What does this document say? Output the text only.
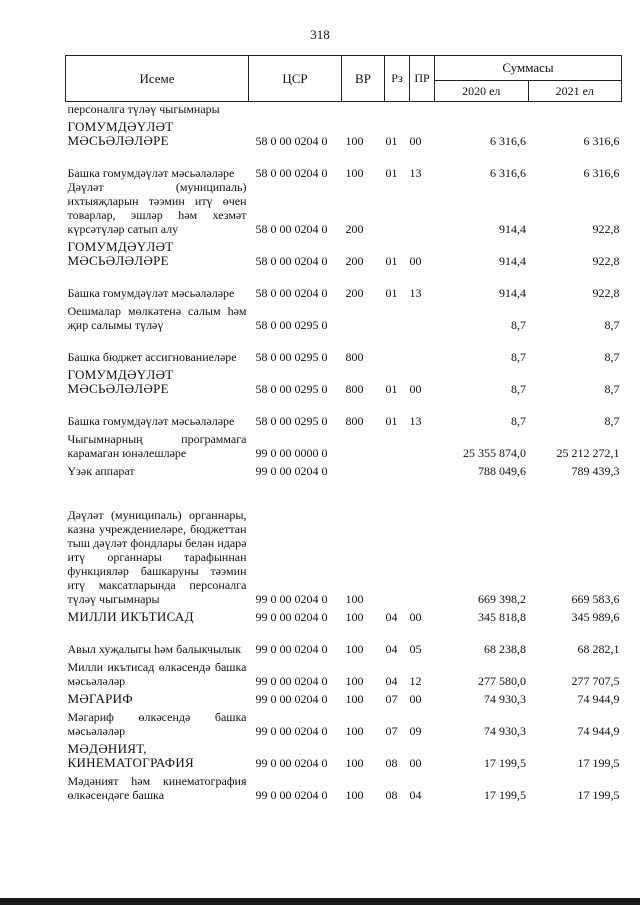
318
Исеме	ЦСР	ВР	Рз	ПР	Суммасы	
					2020 ел	2021 ел
персоналга түләү чыгымнары						
ГОМУМДӘҮЛӘТ МӘСЬӘЛӘЛӘРЕ	58 0 00 0204 0	100	01	00	6 316,6	6 316,6
Башка гомумдәүләт мәсьәләләре	58 0 00 0204 0	100	01	13	6 316,6	6 316,6
Дәүләт (муниципаль) ихтыяҗларын тәэмин итү өчен товарлар, эшләр һәм хезмәт күрсәтүләр сатып алу	58 0 00 0204 0	200			914,4	922,8
ГОМУМДӘҮЛӘТ МӘСЬӘЛӘЛӘРЕ	58 0 00 0204 0	200	01	00	914,4	922,8
Башка гомумдәүләт мәсьәләләре	58 0 00 0204 0	200	01	13	914,4	922,8
Оешмалар мөлкәтенә салым һәм җир салымы түләү	58 0 00 0295 0				8,7	8,7
Башка бюджет ассигнованиеләре	58 0 00 0295 0	800			8,7	8,7
ГОМУМДӘҮЛӘТ МӘСЬӘЛӘЛӘРЕ	58 0 00 0295 0	800	01	00	8,7	8,7
Башка гомумдәүләт мәсьәләләре	58 0 00 0295 0	800	01	13	8,7	8,7
Чыгымнарның программага карамаган юнәлешләре	99 0 00 0000 0				25 355 874,0	25 212 272,1
Үзәк аппарат	99 0 00 0204 0				788 049,6	789 439,3
Дәүләт (муниципаль) органнары, казна учреждениеләре, бюджеттан тыш дәүләт фондлары белән идарә итү органнары тарафыннан функцияләр башкаруны тәэмин итү максатларында персоналга түләү чыгымнары	99 0 00 0204 0	100			669 398,2	669 583,6
МИЛЛИ ИКЪТИСАД	99 0 00 0204 0	100	04	00	345 818,8	345 989,6
Авыл хуҗалыгы һәм балыкчылык	99 0 00 0204 0	100	04	05	68 238,8	68 282,1
Милли икътисад өлкәсендә башка мәсьәләләр	99 0 00 0204 0	100	04	12	277 580,0	277 707,5
МӘГАРИФ	99 0 00 0204 0	100	07	00	74 930,3	74 944,9
Мәгариф өлкәсендә башка мәсьәләләр	99 0 00 0204 0	100	07	09	74 930,3	74 944,9
МӘДӘНИЯТ, КИНЕМАТОГРАФИЯ	99 0 00 0204 0	100	08	00	17 199,5	17 199,5
Мәдәният һәм кинематография өлкәсендәге башка	99 0 00 0204 0	100	08	04	17 199,5	17 199,5
